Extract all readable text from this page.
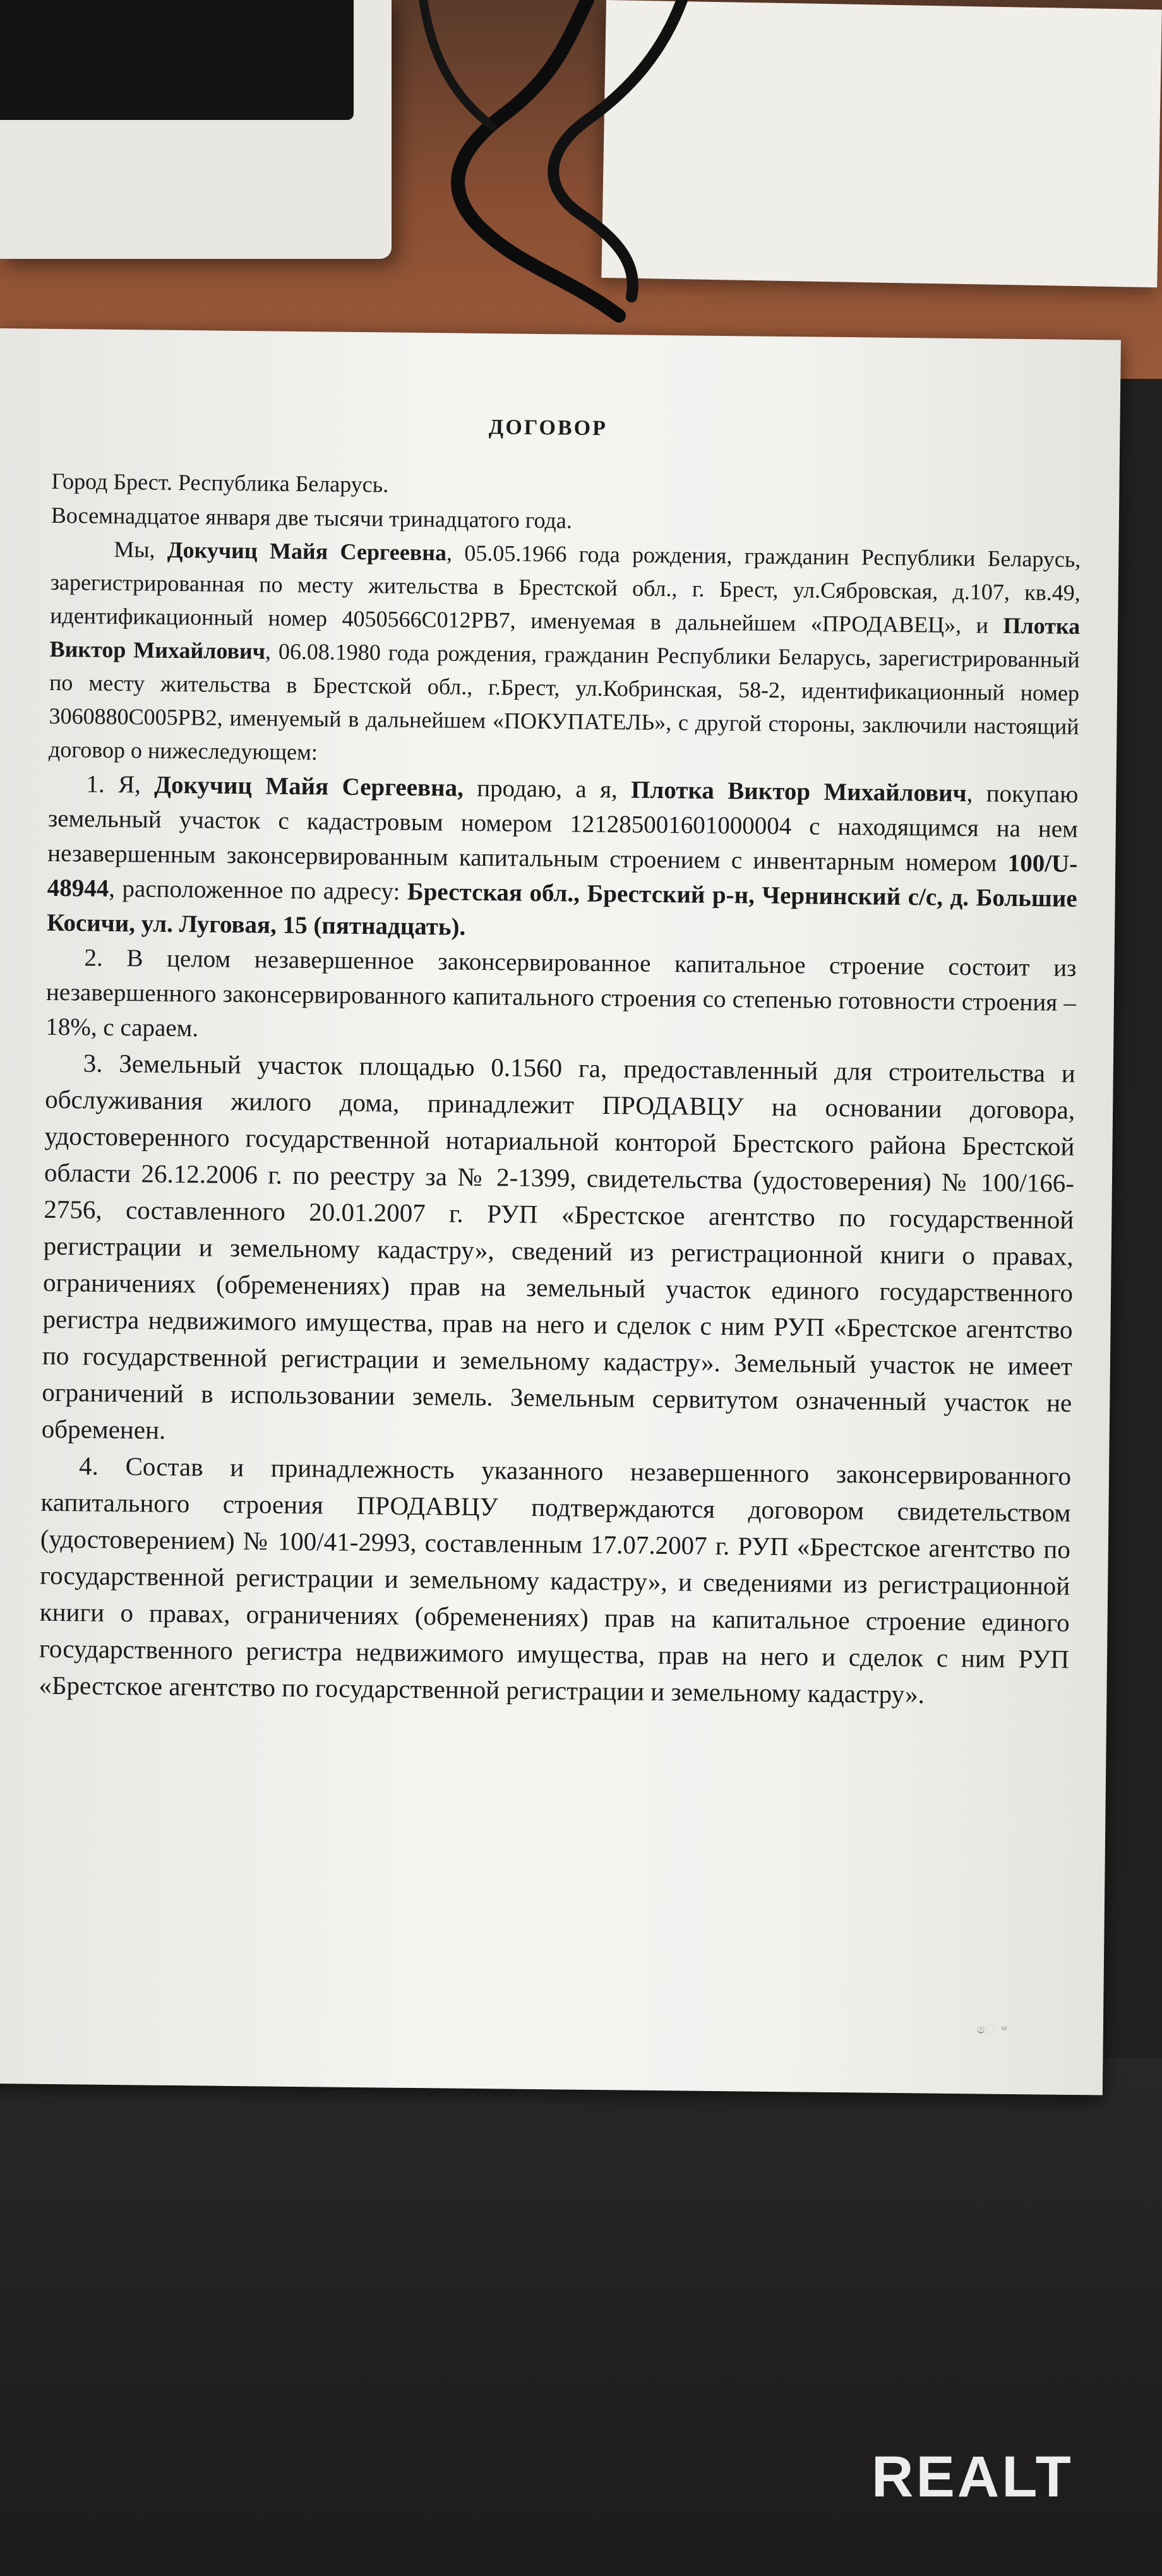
ДОГОВОР

Город Брест. Республика Беларусь.

Восемнадцатое января две тысячи тринадцатого года.

Мы, Докучиц Майя Сергеевна, 05.05.1966 года рождения, гражданин Республики Беларусь, зарегистрированная по месту жительства в Брестской обл., г. Брест, ул.Сябровская, д.107, кв.49, идентификационный номер 4050566С012РВ7, именуемая в дальнейшем «ПРОДАВЕЦ», и Плотка Виктор Михайлович, 06.08.1980 года рождения, гражданин Республики Беларусь, зарегистрированный по месту жительства в Брестской обл., г.Брест, ул.Кобринская, 58-2, идентификационный номер 3060880С005РВ2, именуемый в дальнейшем «ПОКУПАТЕЛЬ», с другой стороны, заключили настоящий договор о нижеследующем:

1. Я, Докучиц Майя Сергеевна, продаю, а я, Плотка Виктор Михайлович, покупаю земельный участок с кадастровым номером 121285001601000004 с находящимся на нем незавершенным законсервированным капитальным строением с инвентарным номером 100/U- 48944, расположенное по адресу: Брестская обл., Брестский р-н, Чернинский с/с, д. Большие Косичи, ул. Луговая, 15 (пятнадцать).

2. В целом незавершенное законсервированное капитальное строение состоит из незавершенного законсервированного капитального строения со степенью готовности строения – 18%, с сараем.

3. Земельный участок площадью 0.1560 га, предоставленный для строительства и обслуживания жилого дома, принадлежит ПРОДАВЦУ на основании договора, удостоверенного государственной нотариальной конторой Брестского района Брестской области 26.12.2006 г. по реестру за № 2-1399, свидетельства (удостоверения) № 100/166-2756, составленного 20.01.2007 г. РУП «Брестское агентство по государственной регистрации и земельному кадастру», сведений из регистрационной книги о правах, ограничениях (обременениях) прав на земельный участок единого государственного регистра недвижимого имущества, прав на него и сделок с ним РУП «Брестское агентство по государственной регистрации и земельному кадастру». Земельный участок не имеет ограничений в использовании земель. Земельным сервитутом означенный участок не обременен.

4. Состав и принадлежность указанного незавершенного законсервированного капитального строения ПРОДАВЦУ подтверждаются договором свидетельством (удостоверением) № 100/41-2993, составленным 17.07.2007 г. РУП «Брестское агентство по государственной регистрации и земельному кадастру», и сведениями из регистрационной книги о правах, ограничениях (обременениях) прав на капитальное строение единого государственного регистра недвижимого имущества, прав на него и сделок с ним РУП «Брестское агентство по государственной регистрации и земельному кадастру».

ෙ ᵚ
REALT
